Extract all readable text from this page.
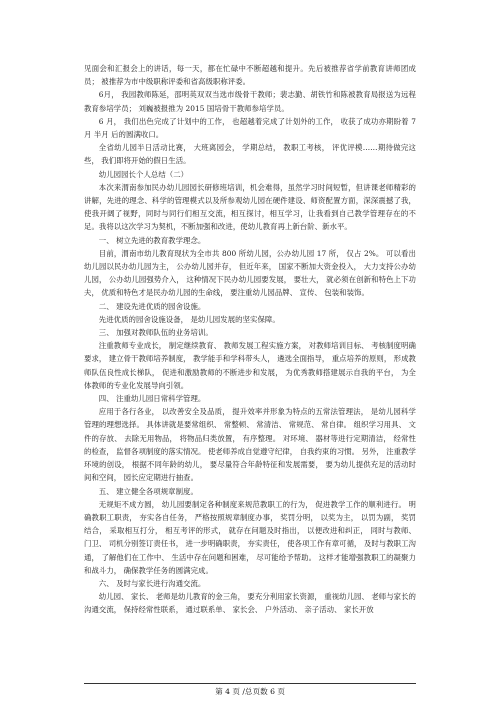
见面会和汇报会上的讲话，每一天，都在忙碌中不断超越和提升。先后被推荐省学前教育讲师团成员； 被推荐为市中级职称评委和省高级职称评委。

6月， 我园教师陈延，邵明英双双当选市级骨干教师；裴志勤、胡铁竹和陈被教育局报送为远程教育参培学员； 刘巍被报推为 2015 国培骨干教师参培学员。

6 月， 我们出色完成了计划中的工作， 也超越着完成了计划外的工作， 收获了成功亦期盼着 7 月 半月 后的圆满收口。

全省幼儿园半日活动比赛， 大班离园会， 学期总结， 教职工考核， 评优评模……期待做完这些， 我们即将开始的假日生活。

幼儿园园长个人总结（二）

本次来渭南参加民办幼儿园园长研修班培训，机会难得，虽然学习时间短暂，但讲课老师精彩的讲解，先进的理念、科学的管理模式以及所参观幼儿园在硬件建设、师资配置方面，深深震撼了我，使我开阔了视野，同时与同行们相互交流，相互探讨，相互学习，让我看到自己教学管理存在的不足。我将以这次学习为契机，不断加强和改进，使幼儿教育再上新台阶、新水平。

一、 树立先进的教育教学理念。

目前，渭南市幼儿教育现状为全市共 800 所幼儿园，公办幼儿园 17 所， 仅占 2%。 可以看出幼儿园以民办幼儿园为主， 公办幼儿园并存， 但近年来， 国家不断加大资金投入， 大力支持公办幼儿园， 公办幼儿园强势介入， 这种情况下民办幼儿园要发展， 要壮大， 就必须在创新和特色上下功夫， 优质和特色才是民办幼儿园的生命线， 要注重幼儿园品牌、 宣传、 包装和装饰。

二、 建设先进优质的园舍设施。

先进优质的园舍设施设备， 是幼儿园发展的坚实保障。

三、 加强对教师队伍的业务培训。

注重教师专业成长， 制定继续教育、 教师发展工程实施方案， 对教师培训目标、 考核制度明确要求， 建立骨干教师培养制度， 教学能手和学科带头人， 遴选全面指导， 重点培养的原则， 形成教师队伍良性成长梯队， 促进和激励教师的不断进步和发展， 为优秀教师搭建展示自我的平台， 为全体教师的专业化发展导向引领。

四、 注重幼儿园日常科学管理。

应用于各行各业， 以改善安全及品质， 提升效率并形象为特点的五常法管理法， 是幼儿园科学管理的理想选择。 具体讲就是要常组织、 常整顿、 常清洁、 常规范、 常自律。 组织学习用具、 文件的存放、 去除无用物品， 将物品归类放置， 有序整理。 对环境、 器材等进行定期清洁， 经常性的检查， 监督各项制度的落实情况。 使老师养成自觉遵守纪律， 自我约束的习惯。 另外， 注重教学环境的创设， 根据不同年龄的幼儿， 要尽量符合年龄特征和发展需要， 要为幼儿提供充足的活动时间和空间， 园长应定期进行抽查。

五、 建立健全各项规章制度。

无规矩不成方圆， 幼儿园要制定各种制度来规范教职工的行为， 促进教学工作的顺利进行。 明确教职工职责， 夯实各自任务， 严格按照规章制度办事， 奖罚分明， 以奖为主， 以罚为副， 奖罚结合， 采取相互打分， 相互考评的形式， 就存在问题及时指出， 以便改进和纠正， 同时与教师、 门卫、 司机分别签订责任书， 进一步明确职责， 夯实责任， 使各项工作有章可循， 及时与教职工沟通， 了解他们在工作中、 生活中存在问题和困难， 尽可能给予帮助。 这样才能增强教职工的凝聚力和战斗力， 确保教学任务的圆满完成。

六、 及时与家长进行沟通交流。

幼儿园、 家长、 老师是幼儿教育的金三角， 要充分利用家长资源， 重视幼儿园、 老师与家长的沟通交流， 保持经常性联系， 通过联系单、 家长会、 户外活动、 亲子活动、 家长开放

第 4 页 /总页数 6 页
